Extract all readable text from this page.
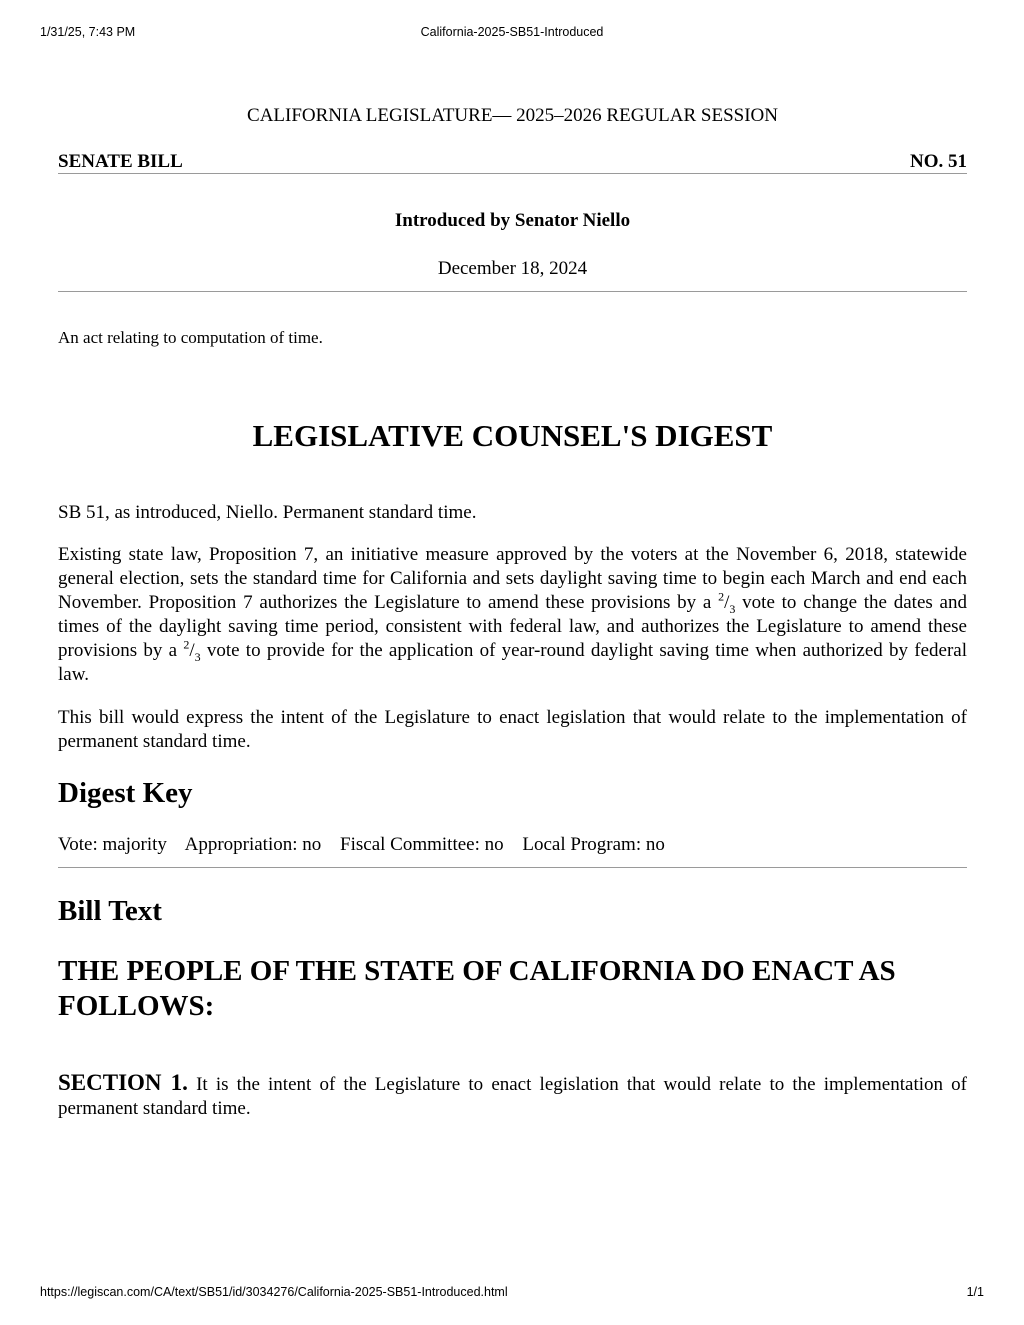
1/31/25, 7:43 PM	California-2025-SB51-Introduced
CALIFORNIA LEGISLATURE— 2025–2026 REGULAR SESSION
SENATE BILL	NO. 51
Introduced by Senator Niello
December 18, 2024
An act relating to computation of time.
LEGISLATIVE COUNSEL'S DIGEST

SB 51, as introduced, Niello. Permanent standard time.

Existing state law, Proposition 7, an initiative measure approved by the voters at the November 6, 2018, statewide general election, sets the standard time for California and sets daylight saving time to begin each March and end each November. Proposition 7 authorizes the Legislature to amend these provisions by a $^2/_3$ vote to change the dates and times of the daylight saving time period, consistent with federal law, and authorizes the Legislature to amend these provisions by a $^2/_3$ vote to provide for the application of year-round daylight saving time when authorized by federal law.

This bill would express the intent of the Legislature to enact legislation that would relate to the implementation of permanent standard time.

Digest Key
Vote: majority Appropriation: no Fiscal Committee: no Local Program: no
Bill Text
THE PEOPLE OF THE STATE OF CALIFORNIA DO ENACT AS FOLLOWS:

SECTION 1. It is the intent of the Legislature to enact legislation that would relate to the implementation of permanent standard time.

https://legiscan.com/CA/text/SB51/id/3034276/California-2025-SB51-Introduced.html	1/1
